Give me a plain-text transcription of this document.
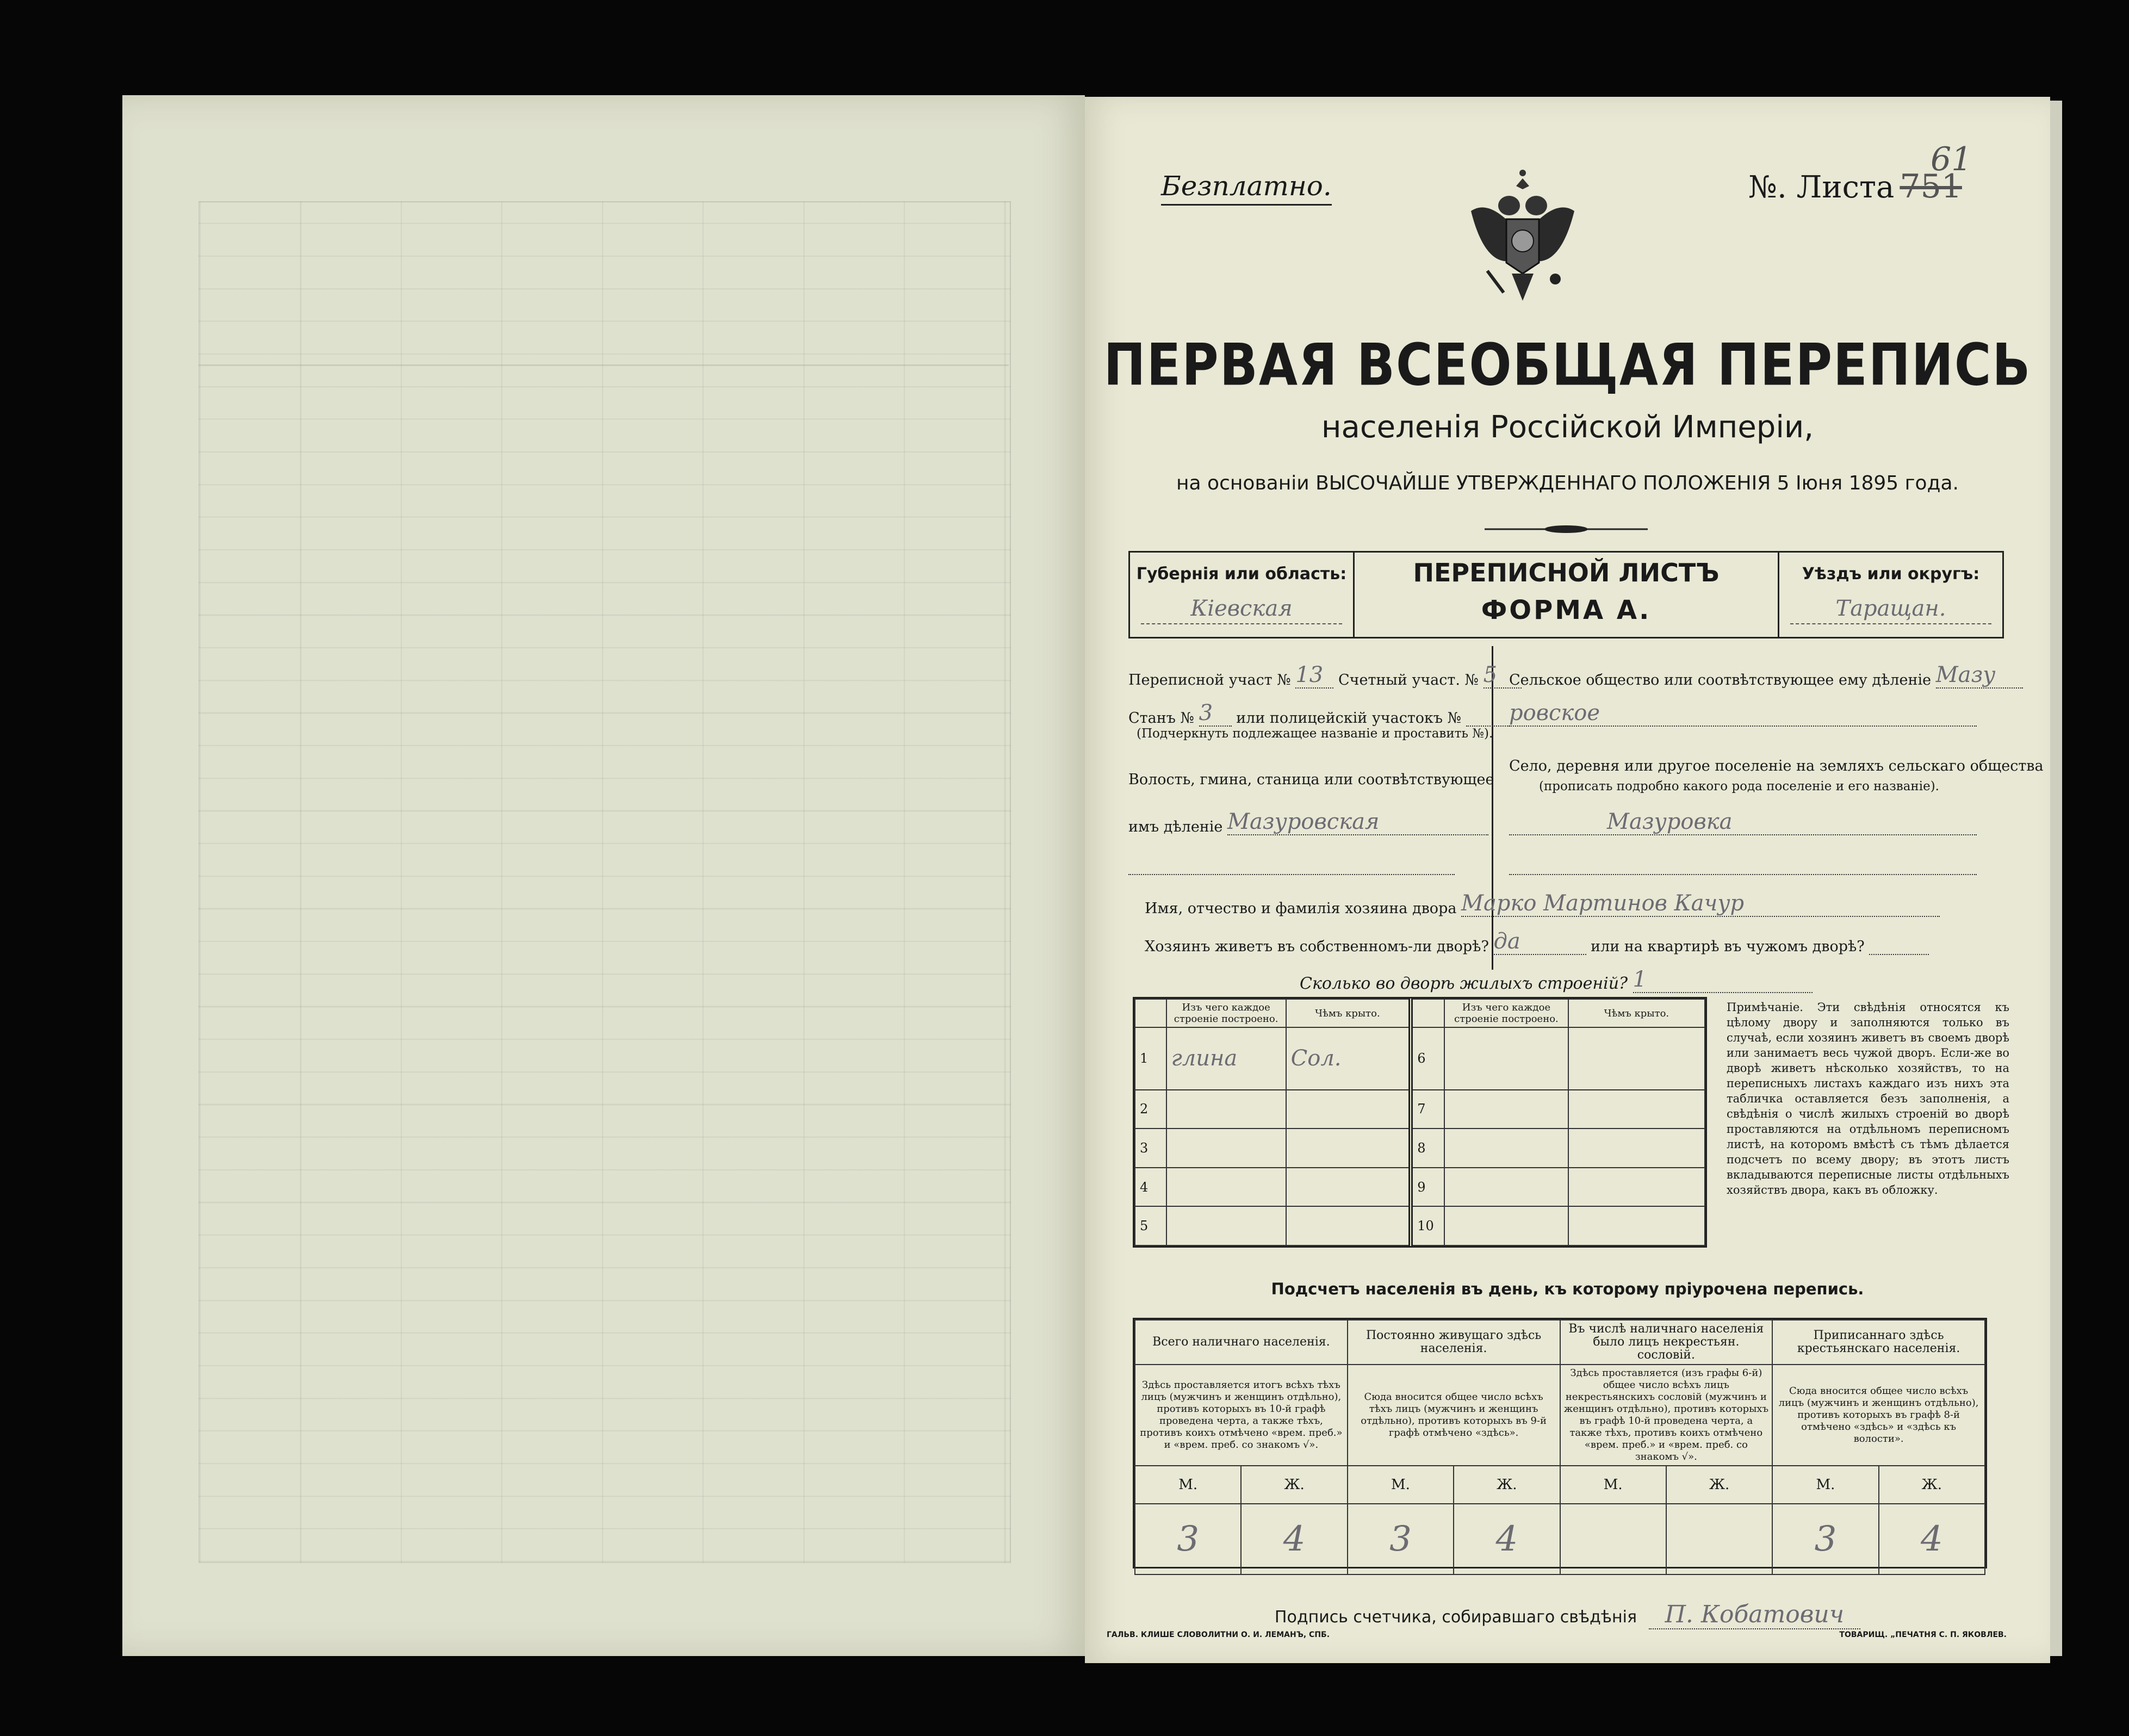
Безплатно.
61
№. Листа 751
ПЕРВАЯ ВСЕОБЩАЯ ПЕРЕПИСЬ
населенія Россійской Имперіи,
на основаніи ВЫСОЧАЙШЕ УТВЕРЖДЕННАГО ПОЛОЖЕНІЯ 5 Іюня 1895 года.
Губернія или область:
Кіевская
ПЕРЕПИСНОЙ ЛИСТЪ
ФОРМА А.
Уѣздъ или округъ:
Таращан.
Переписной участ № 13 Счетный участ. № 5
Станъ № 3 или полицейскій участокъ №
(Подчеркнуть подлежащее названіе и проставить №).
Волость, гмина, станица или соотвѣтствующее
имъ дѣленіе Мазуровская
Сельское общество или соотвѣтствующее ему дѣленіе Мазу
ровское
Село, деревня или другое поселеніе на земляхъ сельскаго общества
(прописать подробно какого рода поселеніе и его названіе).
Мазуровка
Имя, отчество и фамилія хозяина двора Марко Мартинов Качур
Хозяинъ живетъ въ собственномъ-ли дворѣ? да	или на квартирѣ въ чужомъ дворѣ?
Сколько во дворѣ жилыхъ строеній? 1
	Изъ чего каждое строеніе построено.	Чѣмъ крыто.		Изъ чего каждое строеніе построено.	Чѣмъ крыто.
1	глина	Сол.	6		
2			7		
3			8		
4			9		
5			10		
Примѣчаніе. Эти свѣдѣнія относятся къ цѣлому двору и заполняются только въ случаѣ, если хозяинъ живетъ въ своемъ дворѣ или занимаетъ весь чужой дворъ. Если-же во дворѣ живетъ нѣсколько хозяйствъ, то на переписныхъ листахъ каждаго изъ нихъ эта табличка оставляется безъ заполненія, а свѣдѣнія о числѣ жилыхъ строеній во дворѣ проставляются на отдѣльномъ переписномъ листѣ, на которомъ вмѣстѣ съ тѣмъ дѣлается подсчетъ по всему двору; въ этотъ листъ вкладываются переписные листы отдѣльныхъ хозяйствъ двора, какъ въ обложку.
Подсчетъ населенія въ день, къ которому пріурочена перепись.
Всего наличнаго населенія.		Постоянно живущаго здѣсь населенія.		Въ числѣ наличнаго населенія было лицъ некрестьян. сословій.		Приписаннаго здѣсь крестьянскаго населенія.	
Здѣсь проставляется итогъ всѣхъ тѣхъ лицъ (мужчинъ и женщинъ отдѣльно), противъ которыхъ въ 10-й графѣ проведена черта, а также тѣхъ, противъ коихъ отмѣчено «врем. преб.» и «врем. преб. со знакомъ √».		Сюда вносится общее число всѣхъ тѣхъ лицъ (мужчинъ и женщинъ отдѣльно), противъ которыхъ въ 9-й графѣ отмѣчено «здѣсь».		Здѣсь проставляется (изъ графы 6-й) общее число всѣхъ лицъ некрестьянскихъ сословій (мужчинъ и женщинъ отдѣльно), противъ которыхъ въ графѣ 10-й проведена черта, а также тѣхъ, противъ коихъ отмѣчено «врем. преб.» и «врем. преб. со знакомъ √».		Сюда вносится общее число всѣхъ лицъ (мужчинъ и женщинъ отдѣльно), противъ которыхъ въ графѣ 8-й отмѣчено «здѣсь» и «здѣсь къ волости».	
М.	Ж.	М.	Ж.	М.	Ж.	М.	Ж.
3	4	3	4			3	4
Подпись счетчика, собиравшаго свѣдѣнія П. Кобатович
ГАЛЬВ. КЛИШЕ СЛОВОЛИТНИ О. И. ЛЕМАНЪ, СПБ.	ТОВАРИЩ. „ПЕЧАТНЯ С. П. ЯКОВЛЕВ.
